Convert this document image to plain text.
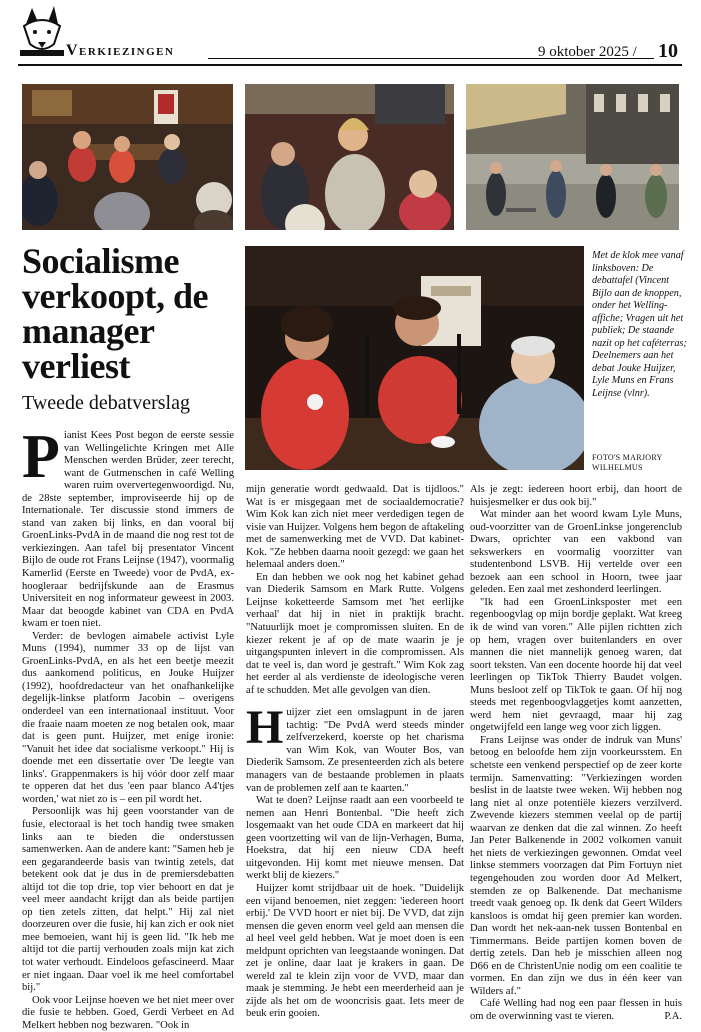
Verkiezingen	9 oktober 2025 / 10
Socialisme verkoopt, de manager verliest
Tweede debatverslag
Met de klok mee vanaf linksboven: De debattafel (Vincent Bijlo aan de knoppen, onder het Welling-affiche; Vragen uit het publiek; De staande nazit op het caféterras; Deelnemers aan het debat Jouke Huijzer, Lyle Muns en Frans Leijnse (vlnr).
FOTO'S MARJORY WILHELMUS

Pianist Kees Post begon de eerste sessie van Wellingelichte Kringen met Alle Menschen werden Brüder, zeer terecht, want de Gutmenschen in café Welling waren ruim oververtegenwoordigd. Nu, de 28ste september, improviseerde hij op de Internationale. Ter discussie stond immers de stand van zaken bij links, en dan vooral bij GroenLinks-PvdA in de maand die nog rest tot de verkiezingen. Aan tafel bij presentator Vincent Bijlo de oude rot Frans Leijnse (1947), voormalig Kamerlid (Eerste en Tweede) voor de PvdA, ex-hoogleraar bedrijfskunde aan de Erasmus Universiteit en nog informateur geweest in 2003. Maar dat beoogde kabinet van CDA en PvdA kwam er toen niet.

Verder: de bevlogen aimabele activist Lyle Muns (1994), nummer 33 op de lijst van GroenLinks-PvdA, en als het een beetje meezit dus aankomend politicus, en Jouke Huijzer (1992), hoofdredacteur van het onafhankelijke degelijk-linkse platform Jacobin – overigens onderdeel van een internationaal instituut. Voor die fraaie naam moeten ze nog betalen ook, maar dat is geen punt. Huijzer, met enige ironie: "Vanuit het idee dat socialisme verkoopt." Hij is doende met een dissertatie over 'De leegte van links'. Grappenmakers is hij vóór door zelf maar te opperen dat het dus 'een paar blanco A4'tjes worden,' wat niet zo is – een pil wordt het.

Persoonlijk was hij geen voorstander van de fusie, electoraal is het toch handig twee smaken links aan te bieden die onderstussen samenwerken. Aan de andere kant: "Samen heb je een gegarandeerde basis van twintig zetels, dat betekent ook dat je dus in de premiersdebatten altijd tot die top drie, top vier behoort en dat je veel meer aandacht krijgt dan als beide partijen op tien zetels zitten, dat helpt." Hij zal niet doorzeuren over die fusie, hij kan zich er ook niet mee bemoeien, want hij is geen lid. "Ik heb me altijd tot die partij verhouden zoals mijn kat zich tot water verhoudt. Eindeloos gefascineerd. Maar er niet ingaan. Daar voel ik me heel comfortabel bij."

Ook voor Leijnse hoeven we het niet meer over die fusie te hebben. Goed, Gerdi Verbeet en Ad Melkert hebben nog bezwaren. "Ook in

mijn generatie wordt gedwaald. Dat is tijdloos." Wat is er misgegaan met de sociaaldemocratie? Wim Kok kan zich niet meer verdedigen tegen de visie van Huijzer. Volgens hem begon de aftakeling met de samenwerking met de VVD. Dat kabinet-Kok. "Ze hebben daarna nooit gezegd: we gaan het helemaal anders doen."

En dan hebben we ook nog het kabinet gehad van Diederik Samsom en Mark Rutte. Volgens Leijnse koketteerde Samsom met 'het eerlijke verhaal' dat hij in niet in praktijk bracht. "Natuurlijk moet je compromissen sluiten. En de kiezer rekent je af op de mate waarin je je uitgangspunten inlevert in die compromissen. Als dat te veel is, dan word je gestraft." Wim Kok zag het eerder al als verdienste de ideologische veren af te schudden. Met alle gevolgen van dien.

Huijzer ziet een omslagpunt in de jaren tachtig: "De PvdA werd steeds minder zelfverzekerd, koerste op het charisma van Wim Kok, van Wouter Bos, van Diederik Samsom. Ze presenteerden zich als betere managers van de bestaande problemen in plaats van de problemen zelf aan te kaarten."

Wat te doen? Leijnse raadt aan een voorbeeld te nemen aan Henri Bontenbal. "Die heeft zich losgemaakt van het oude CDA en markeert dat hij geen voortzetting wil van de lijn-Verhagen, Buma, Hoekstra, dat hij een nieuw CDA heeft uitgevonden. Hij komt met nieuwe mensen. Dat werkt blij de kiezers."

Huijzer komt strijdbaar uit de hoek. "Duidelijk een vijand benoemen, niet zeggen: 'iedereen hoort erbij.' De VVD hoort er niet bij. De VVD, dat zijn mensen die geven enorm veel geld aan mensen die al heel veel geld hebben. Wat je moet doen is een meldpunt oprichten van leegstaande woningen. Dat zet je online, daar laat je krakers in gaan. De wereld zal te klein zijn voor de VVD, maar dan maak je stemming. Je hebt een meerderheid aan je zijde als het om de wooncrisis gaat. Iets meer de beuk erin gooien.

Als je zegt: iedereen hoort erbij, dan hoort de huisjesmelker er dus ook bij."

Wat minder aan het woord kwam Lyle Muns, oud-voorzitter van de GroenLinkse jongerenclub Dwars, oprichter van een vakbond van sekswerkers en voormalig voorzitter van studentenbond LSVB. Hij vertelde over een bezoek aan een school in Hoorn, twee jaar geleden. Een zaal met zeshonderd leerlingen.

"Ik had een GroenLinksposter met een regenboogvlag op mijn bordje geplakt. Wat kreeg ik de wind van voren." Alle pijlen richtten zich op hem, vragen over buitenlanders en over mannen die niet mannelijk genoeg waren, dat soort teksten. Van een docente hoorde hij dat veel leerlingen op TikTok Thierry Baudet volgen. Muns besloot zelf op TikTok te gaan. Of hij nog steeds met regenboogvlaggetjes komt aanzetten, werd hem niet gevraagd, maar hij zag ongetwijfeld een lange weg voor zich liggen.

Frans Leijnse was onder de indruk van Muns' betoog en beloofde hem zijn voorkeursstem. En schetste een venkend perspectief op de zeer korte termijn. Samenvatting: "Verkiezingen worden beslist in de laatste twee weken. Wij hebben nog lang niet al onze potentiële kiezers verzilverd. Zwevende kiezers stemmen veelal op de partij waarvan ze denken dat die zal winnen. Zo heeft Jan Peter Balkenende in 2002 volkomen vanuit het niets de verkiezingen gewonnen. Omdat veel linkse stemmers voorzagen dat Pim Fortuyn niet tegengehouden zou worden door Ad Melkert, stemden ze op Balkenende. Dat mechanisme treedt vaak genoeg op. Ik denk dat Geert Wilders kansloos is omdat hij geen premier kan worden. Dan wordt het nek-aan-nek tussen Bontenbal en Timmermans. Beide partijen komen boven de dertig zetels. Dan heb je misschien alleen nog D66 en de ChristenUnie nodig om een coalitie te vormen. En dan zijn we dus in één keer van Wilders af."

Café Welling had nog een paar flessen in huis om de overwinning vast te vieren.	P.A.
